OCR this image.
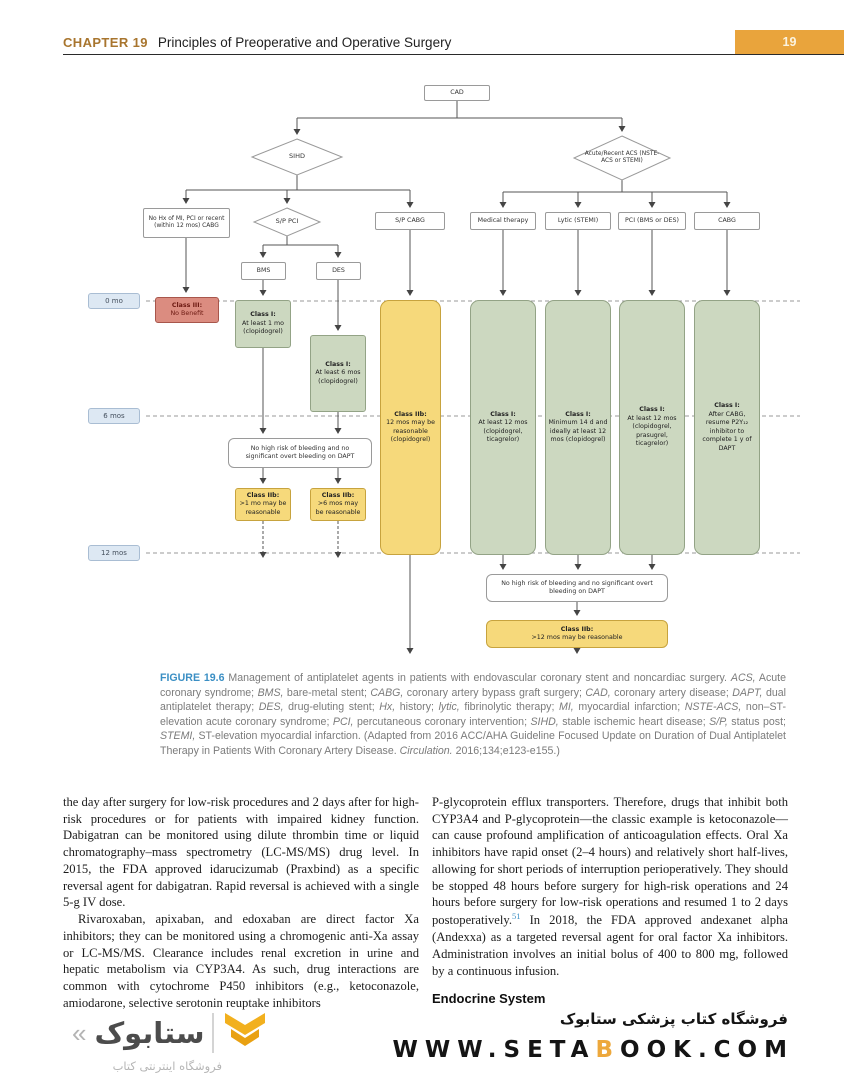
CHAPTER 19 Principles of Preoperative and Operative Surgery	19
CAD
SIHD	Acute/Recent ACS (NSTE-ACS or STEMI)
S/P PCI
No Hx of MI, PCI or recent (within 12 mos) CABG
S/P CABG	Medical therapy	Lytic (STEMI)	PCI (BMS or DES)	CABG
BMS	DES
0 mo
6 mos
12 mos
Class III:
No Benefit	Class I:
At least 1 mo (clopidogrel)
Class I:
At least 6 mos (clopidogrel)
Class IIb:
12 mos may be reasonable (clopidogrel)
Class I:
At least 12 mos (clopidogrel, ticagrelor)
Class I:
Minimum 14 d and ideally at least 12 mos (clopidogrel)
Class I:
At least 12 mos (clopidogrel, prasugrel, ticagrelor)
Class I:
After CABG, resume P2Y₁₂ inhibitor to complete 1 y of DAPT
No high risk of bleeding and no significant overt bleeding on DAPT
Class IIb:
>1 mo may be reasonable
Class IIb:
>6 mos may be reasonable
No high risk of bleeding and no significant overt bleeding on DAPT
Class IIb:
>12 mos may be reasonable
FIGURE 19.6 Management of antiplatelet agents in patients with endovascular coronary stent and noncardiac surgery. ACS, Acute coronary syndrome; BMS, bare-metal stent; CABG, coronary artery bypass graft surgery; CAD, coronary artery disease; DAPT, dual antiplatelet therapy; DES, drug-eluting stent; Hx, history; lytic, fibrinolytic therapy; MI, myocardial infarction; NSTE-ACS, non–ST-elevation acute coronary syndrome; PCI, percutaneous coronary intervention; SIHD, stable ischemic heart disease; S/P, status post; STEMI, ST-elevation myocardial infarction. (Adapted from 2016 ACC/AHA Guideline Focused Update on Duration of Dual Antiplatelet Therapy in Patients With Coronary Artery Disease. Circulation. 2016;134;e123-e155.)

the day after surgery for low-risk procedures and 2 days after for high-risk procedures or for patients with impaired kidney function. Dabigatran can be monitored using dilute thrombin time or liquid chromatography–mass spectrometry (LC-MS/MS) drug level. In 2015, the FDA approved idarucizumab (Praxbind) as a specific reversal agent for dabigatran. Rapid reversal is achieved with a single 5-g IV dose.

Rivaroxaban, apixaban, and edoxaban are direct factor Xa inhibitors; they can be monitored using a chromogenic anti-Xa assay or LC-MS/MS. Clearance includes renal excretion in urine and hepatic metabolism via CYP3A4. As such, drug interactions are common with cytochrome P450 inhibitors (e.g., ketoconazole, amiodarone, selective serotonin reuptake inhibitors

P-glycoprotein efflux transporters. Therefore, drugs that inhibit both CYP3A4 and P-glycoprotein—the classic example is ketoconazole—can cause profound amplification of anticoagulation effects. Oral Xa inhibitors have rapid onset (2–4 hours) and relatively short half-lives, allowing for short periods of interruption perioperatively. They should be stopped 48 hours before surgery for high-risk operations and 24 hours before surgery for low-risk operations and resumed 1 to 2 days postoperatively.$^{51}$ In 2018, the FDA approved andexanet alpha (Andexxa) as a targeted reversal agent for oral factor Xa inhibitors. Administration involves an initial bolus of 400 to 800 mg, followed by a continuous infusion.

Endocrine System
« ستابوک
فروشگاه اینترنتی کتاب
فروشگاه کتاب پزشکی ستابوک
WWW.SETABOOK.COM
